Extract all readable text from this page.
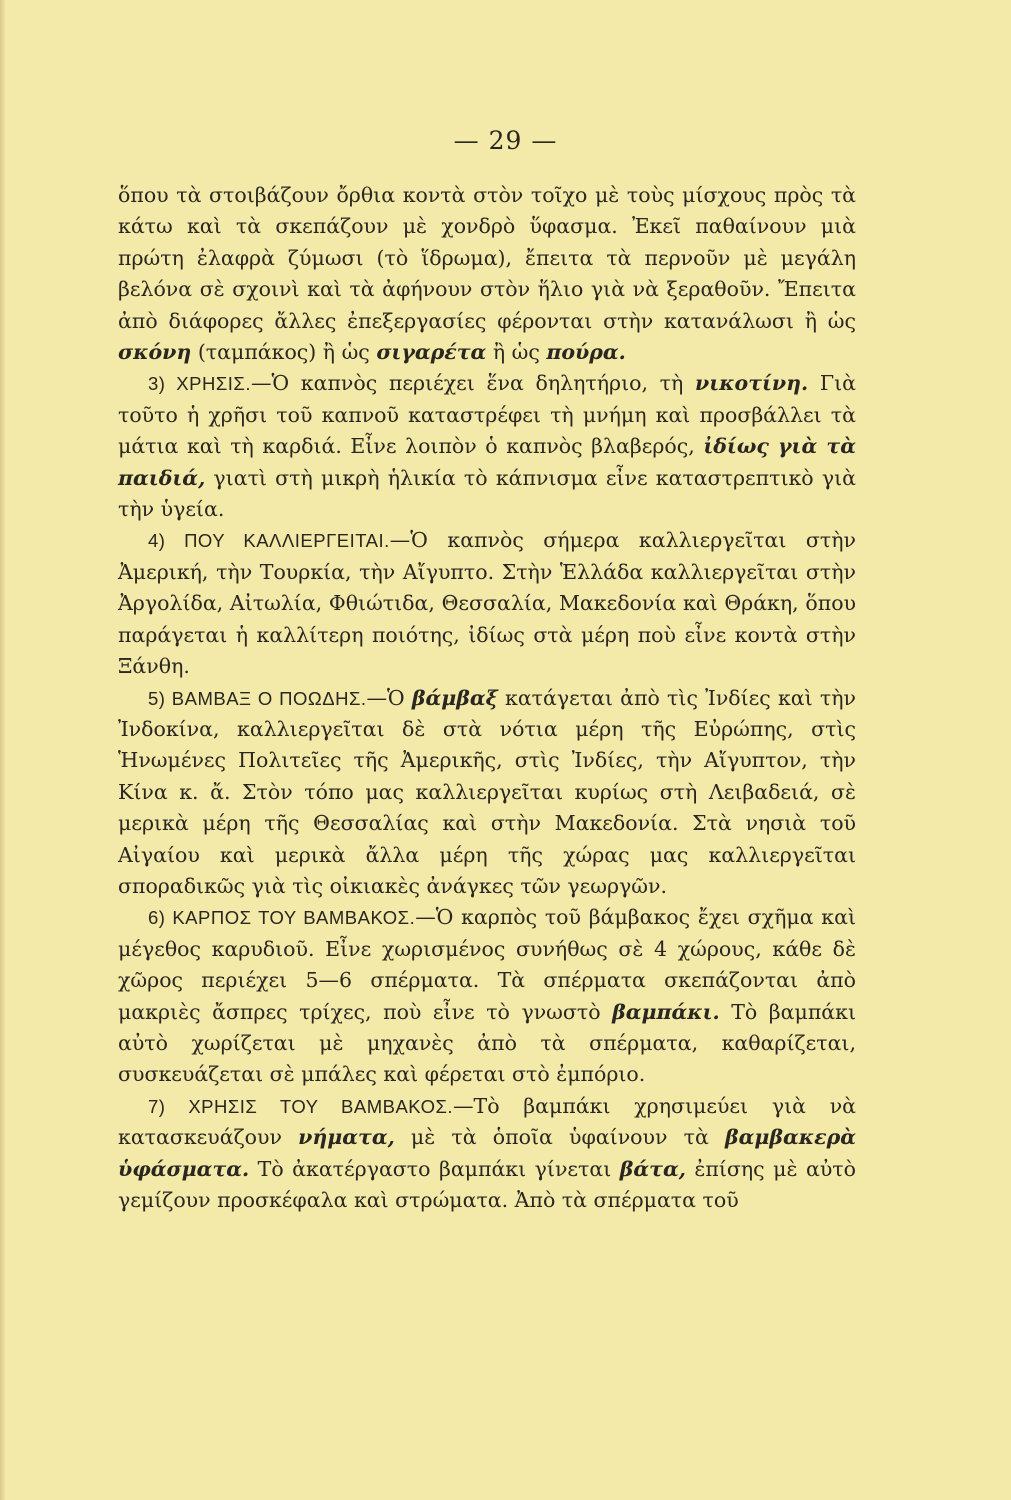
— 29 —

ὅπου τὰ στοιβάζουν ὄρθια κοντὰ στὸν τοῖχο μὲ τοὺς μίσχους πρὸς τὰ κάτω καὶ τὰ σκεπάζουν μὲ χονδρὸ ὕφασμα. Ἐκεῖ παθαίνουν μιὰ πρώτη ἐλαφρὰ ζύμωσι (τὸ ἵδρωμα), ἔπειτα τὰ περνοῦν μὲ μεγάλη βελόνα σὲ σχοινὶ καὶ τὰ ἀφήνουν στὸν ἥλιο γιὰ νὰ ξεραθοῦν. Ἔπειτα ἀπὸ διάφορες ἄλλες ἐπεξεργασίες φέρονται στὴν κατανάλωσι ἢ ὡς σκόνη (ταμπάκος) ἢ ὡς σιγαρέτα ἢ ὡς πούρα.

3) ΧΡΗΣΙΣ.—Ὁ καπνὸς περιέχει ἕνα δηλητήριο, τὴ νικοτίνη. Γιὰ τοῦτο ἡ χρῆσι τοῦ καπνοῦ καταστρέφει τὴ μνήμη καὶ προσβάλλει τὰ μάτια καὶ τὴ καρδιά. Εἶνε λοιπὸν ὁ καπνὸς βλαβερός, ἰδίως γιὰ τὰ παιδιά, γιατὶ στὴ μικρὴ ἡλικία τὸ κάπνισμα εἶνε καταστρεπτικὸ γιὰ τὴν ὑγεία.

4) ΠΟΥ ΚΑΛΛΙΕΡΓΕΙΤΑΙ.—Ὁ καπνὸς σήμερα καλλιεργεῖται στὴν Ἀμερική, τὴν Τουρκία, τὴν Αἴγυπτο. Στὴν Ἑλλάδα καλλιεργεῖται στὴν Ἀργολίδα, Αἰτωλία, Φθιώτιδα, Θεσσαλία, Μακεδονία καὶ Θράκη, ὅπου παράγεται ἡ καλλίτερη ποιότης, ἰδίως στὰ μέρη ποὺ εἶνε κοντὰ στὴν Ξάνθη.

5) ΒΑΜΒΑΞ Ο ΠΟΩΔΗΣ.—Ὁ βάμβαξ κατάγεται ἀπὸ τὶς Ἰνδίες καὶ τὴν Ἰνδοκίνα, καλλιεργεῖται δὲ στὰ νότια μέρη τῆς Εὐρώπης, στὶς Ἡνωμένες Πολιτεῖες τῆς Ἀμερικῆς, στὶς Ἰνδίες, τὴν Αἴγυπτον, τὴν Κίνα κ. ἄ. Στὸν τόπο μας καλλιεργεῖται κυρίως στὴ Λειβαδειά, σὲ μερικὰ μέρη τῆς Θεσσαλίας καὶ στὴν Μακεδονία. Στὰ νησιὰ τοῦ Αἰγαίου καὶ μερικὰ ἄλλα μέρη τῆς χώρας μας καλλιεργεῖται σποραδικῶς γιὰ τὶς οἰκιακὲς ἀνάγκες τῶν γεωργῶν.

6) ΚΑΡΠΟΣ ΤΟΥ ΒΑΜΒΑΚΟΣ.—Ὁ καρπὸς τοῦ βάμβακος ἔχει σχῆμα καὶ μέγεθος καρυδιοῦ. Εἶνε χωρισμένος συνήθως σὲ 4 χώρους, κάθε δὲ χῶρος περιέχει 5—6 σπέρματα. Τὰ σπέρματα σκεπάζονται ἀπὸ μακριὲς ἄσπρες τρίχες, ποὺ εἶνε τὸ γνωστὸ βαμπάκι. Τὸ βαμπάκι αὐτὸ χωρίζεται μὲ μηχανὲς ἀπὸ τὰ σπέρματα, καθαρίζεται, συσκευάζεται σὲ μπάλες καὶ φέρεται στὸ ἐμπόριο.

7) ΧΡΗΣΙΣ ΤΟΥ ΒΑΜΒΑΚΟΣ.—Τὸ βαμπάκι χρησιμεύει γιὰ νὰ κατασκευάζουν νήματα, μὲ τὰ ὁποῖα ὑφαίνουν τὰ βαμβακερὰ ὑφάσματα. Τὸ ἀκατέργαστο βαμπάκι γίνεται βάτα, ἐπίσης μὲ αὐτὸ γεμίζουν προσκέφαλα καὶ στρώματα. Ἀπὸ τὰ σπέρματα τοῦ
